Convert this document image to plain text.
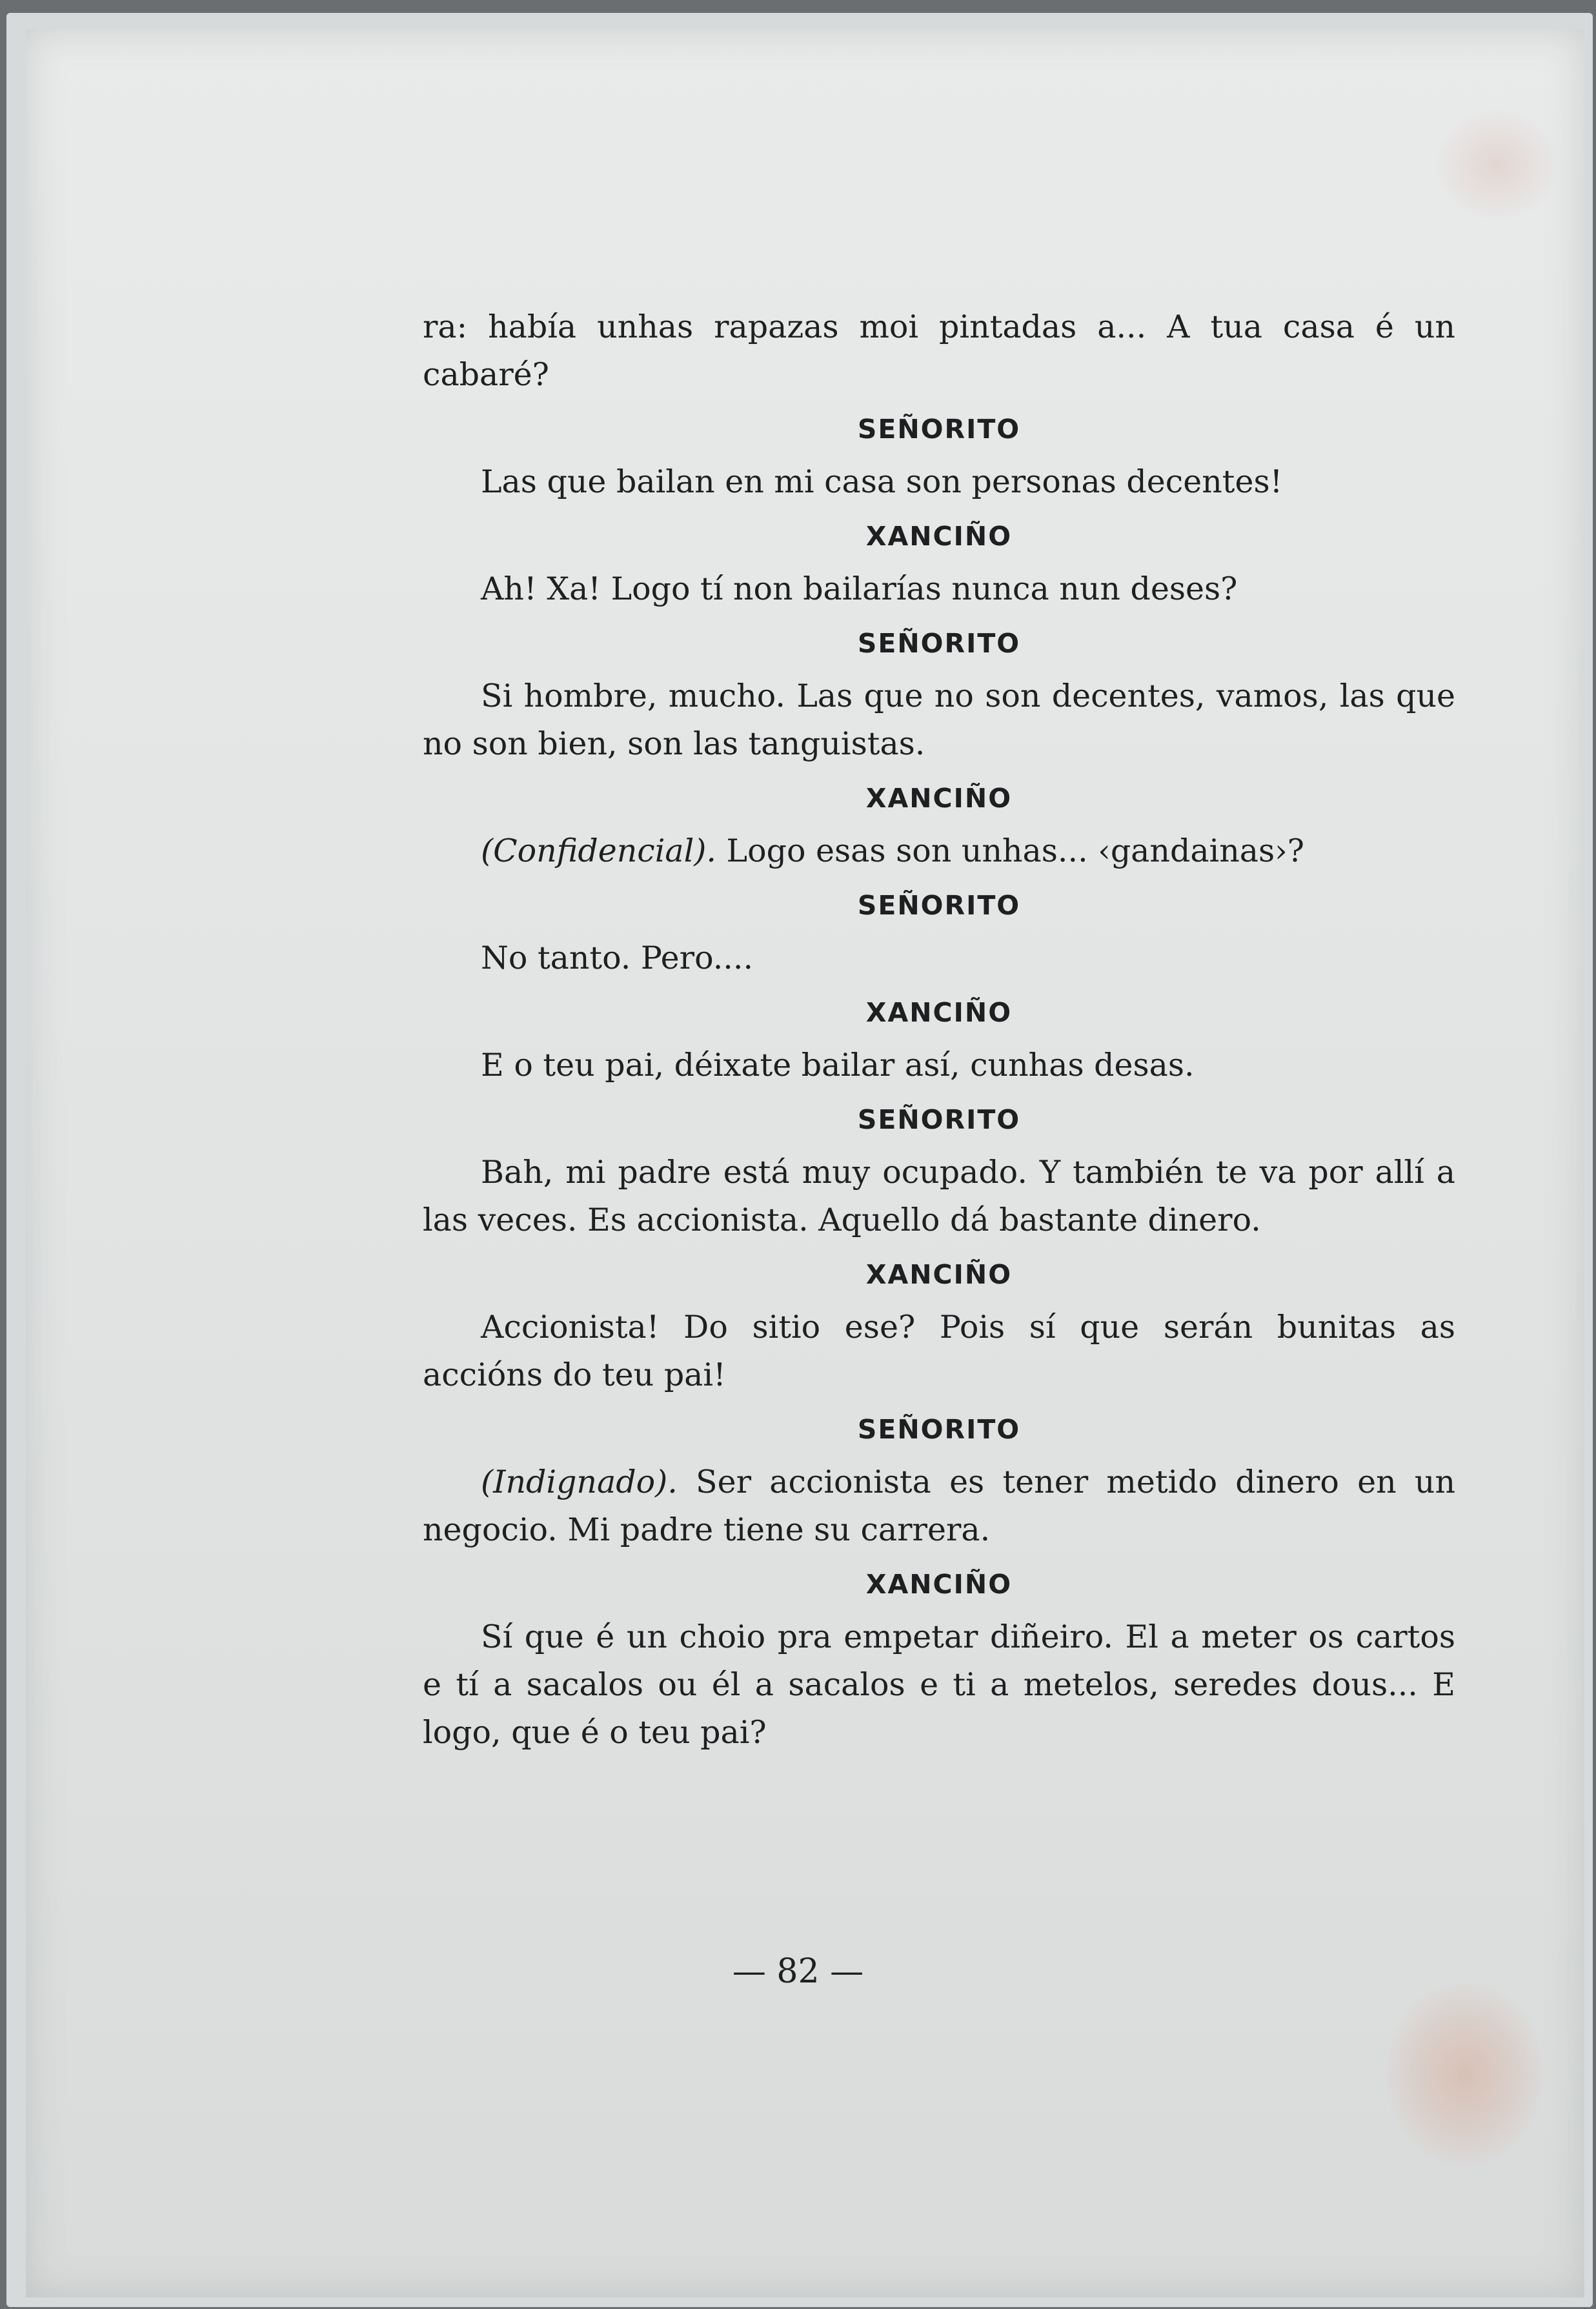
ra: había unhas rapazas moi pintadas a... A tua casa é un cabaré?

SEÑORITO

Las que bailan en mi casa son personas decentes!

XANCIÑO

Ah! Xa! Logo tí non bailarías nunca nun deses?

SEÑORITO

Si hombre, mucho. Las que no son decentes, vamos, las que no son bien, son las tanguistas.

XANCIÑO

(Confidencial). Logo esas son unhas... ‹gandainas›?

SEÑORITO

No tanto. Pero....

XANCIÑO

E o teu pai, déixate bailar así, cunhas desas.

SEÑORITO

Bah, mi padre está muy ocupado. Y también te va por allí a las veces. Es accionista. Aquello dá bastante dinero.

XANCIÑO

Accionista! Do sitio ese? Pois sí que serán bunitas as accións do teu pai!

SEÑORITO

(Indignado). Ser accionista es tener metido dinero en un negocio. Mi padre tiene su carrera.

XANCIÑO

Sí que é un choio pra empetar diñeiro. El a meter os cartos e tí a sacalos ou él a sacalos e ti a metelos, seredes dous... E logo, que é o teu pai?

— 82 —
